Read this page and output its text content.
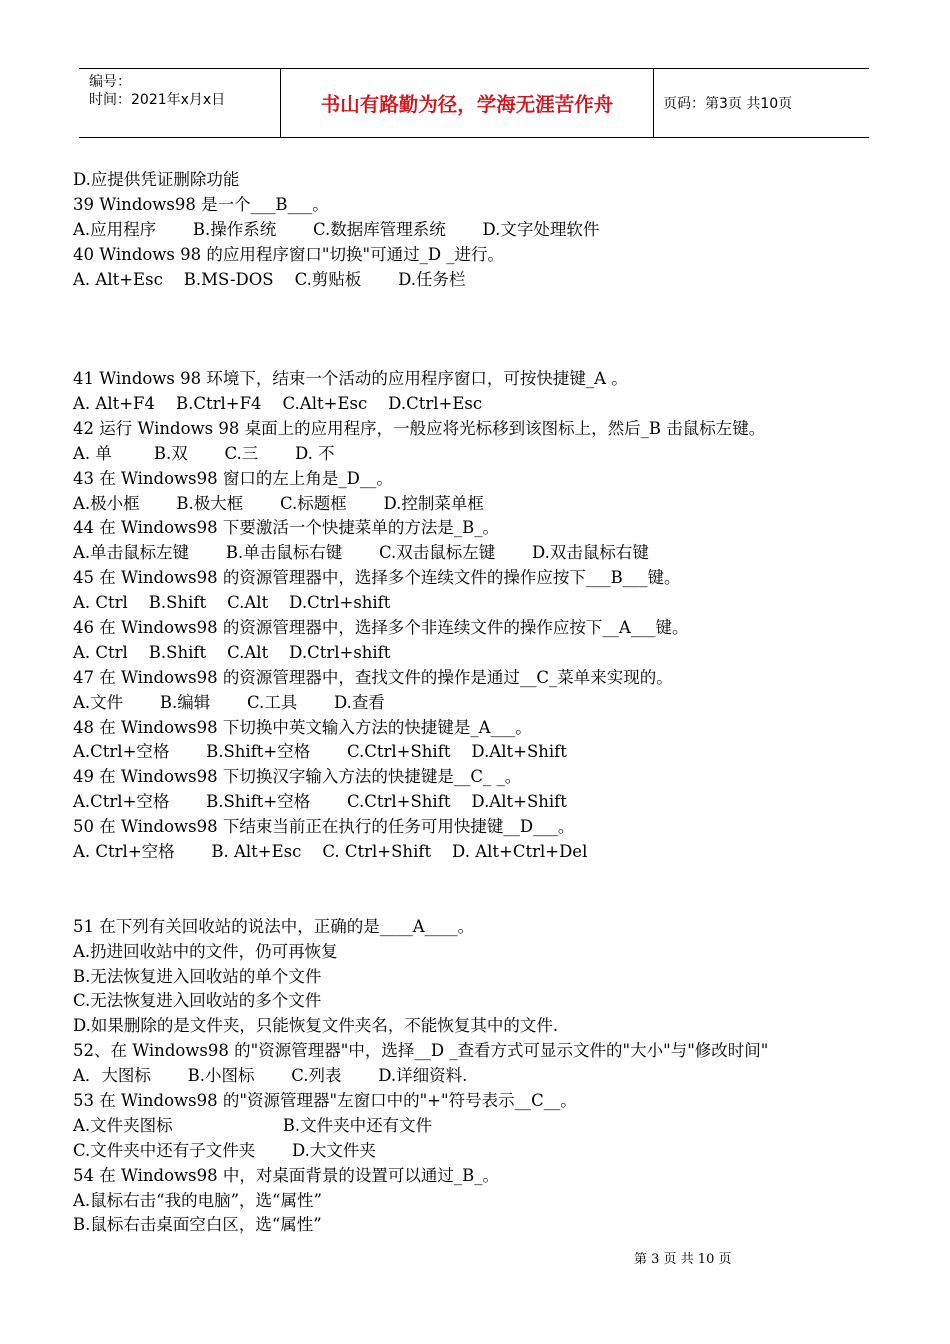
编号：
时间：2021年x月x日	书山有路勤为径，学海无涯苦作舟	页码：第3页 共10页
D.应提供凭证删除功能
39 Windows98 是一个___B___。
A.应用程序       B.操作系统       C.数据库管理系统       D.文字处理软件
40 Windows 98 的应用程序窗口"切换"可通过_D _进行。
A. Alt+Esc    B.MS-DOS    C.剪贴板       D.任务栏
41 Windows 98 环境下，结束一个活动的应用程序窗口，可按快捷键_A 。
A. Alt+F4    B.Ctrl+F4    C.Alt+Esc    D.Ctrl+Esc
42 运行 Windows 98 桌面上的应用程序，一般应将光标移到该图标上，然后_B 击鼠标左键。
A. 单        B.双       C.三       D. 不
43 在 Windows98 窗口的左上角是_D__。
A.极小框       B.极大框       C.标题框       D.控制菜单框
44 在 Windows98 下要激活一个快捷菜单的方法是_B_。
A.单击鼠标左键       B.单击鼠标右键       C.双击鼠标左键       D.双击鼠标右键
45 在 Windows98 的资源管理器中，选择多个连续文件的操作应按下___B___键。
A. Ctrl    B.Shift    C.Alt    D.Ctrl+shift
46 在 Windows98 的资源管理器中，选择多个非连续文件的操作应按下__A___键。
A. Ctrl    B.Shift    C.Alt    D.Ctrl+shift
47 在 Windows98 的资源管理器中，查找文件的操作是通过__C_菜单来实现的。
A.文件       B.编辑       C.工具       D.查看
48 在 Windows98 下切换中英文输入方法的快捷键是_A___。
A.Ctrl+空格       B.Shift+空格       C.Ctrl+Shift    D.Alt+Shift
49 在 Windows98 下切换汉字输入方法的快捷键是__C_ _。
A.Ctrl+空格       B.Shift+空格       C.Ctrl+Shift    D.Alt+Shift
50 在 Windows98 下结束当前正在执行的任务可用快捷键__D___。
A. Ctrl+空格       B. Alt+Esc    C. Ctrl+Shift    D. Alt+Ctrl+Del
51 在下列有关回收站的说法中，正确的是____A____。
A.扔进回收站中的文件，仍可再恢复
B.无法恢复进入回收站的单个文件
C.无法恢复进入回收站的多个文件
D.如果删除的是文件夹，只能恢复文件夹名，不能恢复其中的文件.
52、在 Windows98 的"资源管理器"中，选择__D _查看方式可显示文件的"大小"与"修改时间"
A．大图标       B.小图标       C.列表       D.详细资料.
53 在 Windows98 的"资源管理器"左窗口中的"+"符号表示__C__。
A.文件夹图标                     B.文件夹中还有文件
C.文件夹中还有子文件夹       D.大文件夹
54 在 Windows98 中，对桌面背景的设置可以通过_B_。
A.鼠标右击“我的电脑”，选“属性”
B.鼠标右击桌面空白区，选“属性”
第 3 页 共 10 页
